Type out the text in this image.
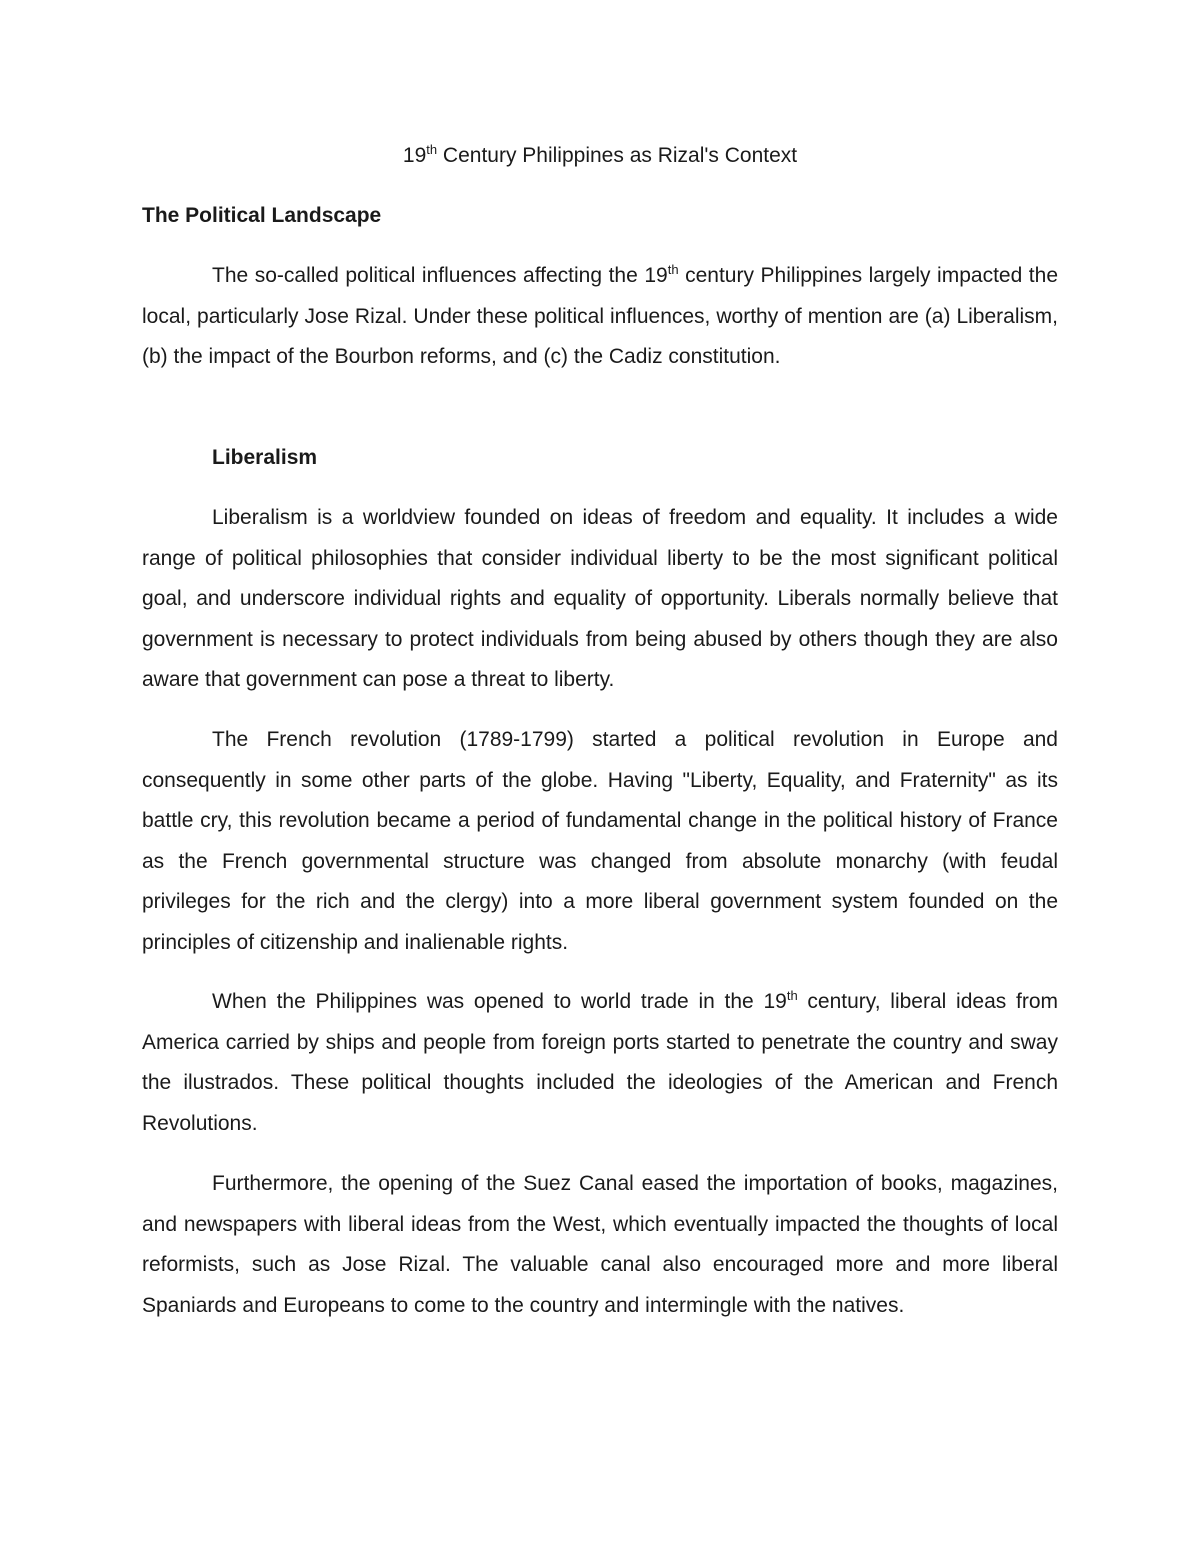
19th Century Philippines as Rizal's Context
The Political Landscape

The so-called political influences affecting the 19th century Philippines largely impacted the local, particularly Jose Rizal. Under these political influences, worthy of mention are (a) Liberalism, (b) the impact of the Bourbon reforms, and (c) the Cadiz constitution.

Liberalism

Liberalism is a worldview founded on ideas of freedom and equality. It includes a wide range of political philosophies that consider individual liberty to be the most significant political goal, and underscore individual rights and equality of opportunity. Liberals normally believe that government is necessary to protect individuals from being abused by others though they are also aware that government can pose a threat to liberty.

The French revolution (1789-1799) started a political revolution in Europe and consequently in some other parts of the globe. Having "Liberty, Equality, and Fraternity" as its battle cry, this revolution became a period of fundamental change in the political history of France as the French governmental structure was changed from absolute monarchy (with feudal privileges for the rich and the clergy) into a more liberal government system founded on the principles of citizenship and inalienable rights.

When the Philippines was opened to world trade in the 19th century, liberal ideas from America carried by ships and people from foreign ports started to penetrate the country and sway the ilustrados. These political thoughts included the ideologies of the American and French Revolutions.

Furthermore, the opening of the Suez Canal eased the importation of books, magazines, and newspapers with liberal ideas from the West, which eventually impacted the thoughts of local reformists, such as Jose Rizal. The valuable canal also encouraged more and more liberal Spaniards and Europeans to come to the country and intermingle with the natives.
